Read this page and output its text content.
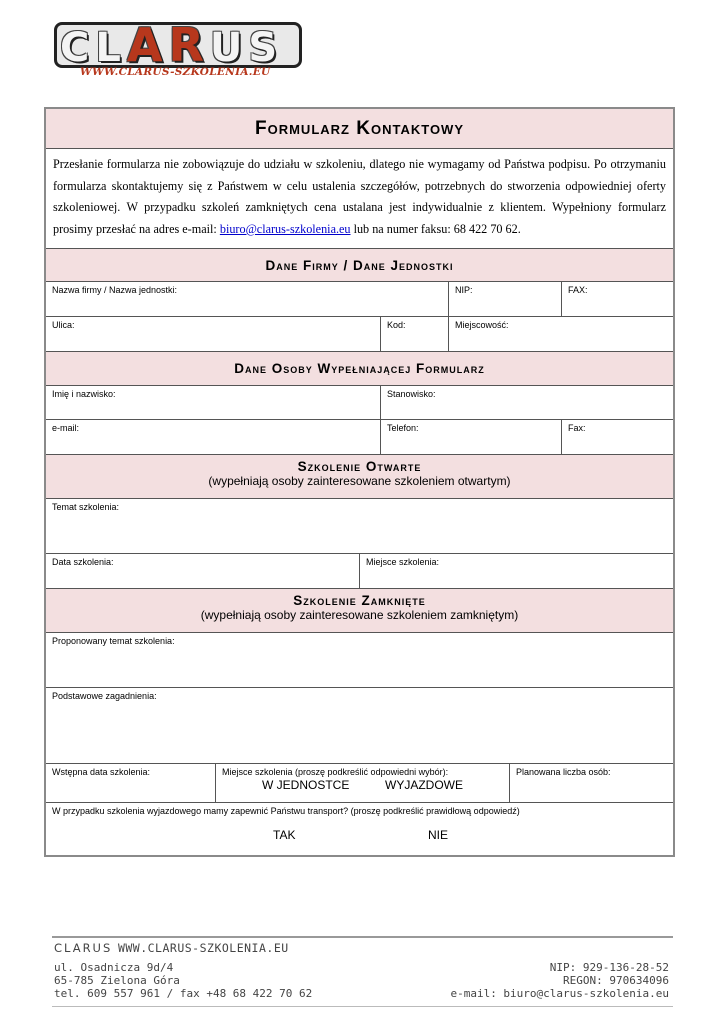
CLARUS
WWW.CLARUS-SZKOLENIA.EU
Formularz Kontaktowy
Przesłanie formularza nie zobowiązuje do udziału w szkoleniu, dlatego nie wymagamy od Państwa podpisu. Po otrzymaniu formularza skontaktujemy się z Państwem w celu ustalenia szczegółów, potrzebnych do stworzenia odpowiedniej oferty szkoleniowej. W przypadku szkoleń zamkniętych cena ustalana jest indywidualnie z klientem. Wypełniony formularz prosimy przesłać na adres e-mail: biuro@clarus-szkolenia.eu lub na numer faksu: 68 422 70 62.
Dane Firmy / Dane Jednostki
Nazwa firmy / Nazwa jednostki:	NIP:	FAX:
Ulica:	Kod:	Miejscowość:
Dane Osoby Wypełniającej Formularz
Imię i nazwisko:	Stanowisko:
e-mail:	Telefon:	Fax:
Szkolenie Otwarte
(wypełniają osoby zainteresowane szkoleniem otwartym)
Temat szkolenia:
Data szkolenia:	Miejsce szkolenia:
Szkolenie Zamknięte
(wypełniają osoby zainteresowane szkoleniem zamkniętym)
Proponowany temat szkolenia:
Podstawowe zagadnienia:
Wstępna data szkolenia:	Miejsce szkolenia (proszę podkreślić odpowiedni wybór):
W JEDNOSTCE	WYJAZDOWE
Planowana liczba osób:
W przypadku szkolenia wyjazdowego mamy zapewnić Państwu transport? (proszę podkreślić prawidłową odpowiedź)
TAK	NIE
CLARUS WWW.CLARUS-SZKOLENIA.EU
ul. Osadnicza 9d/4
65-785 Zielona Góra
tel. 609 557 961 / fax +48 68 422 70 62
NIP: 929-136-28-52
REGON: 970634096
e-mail: biuro@clarus-szkolenia.eu
